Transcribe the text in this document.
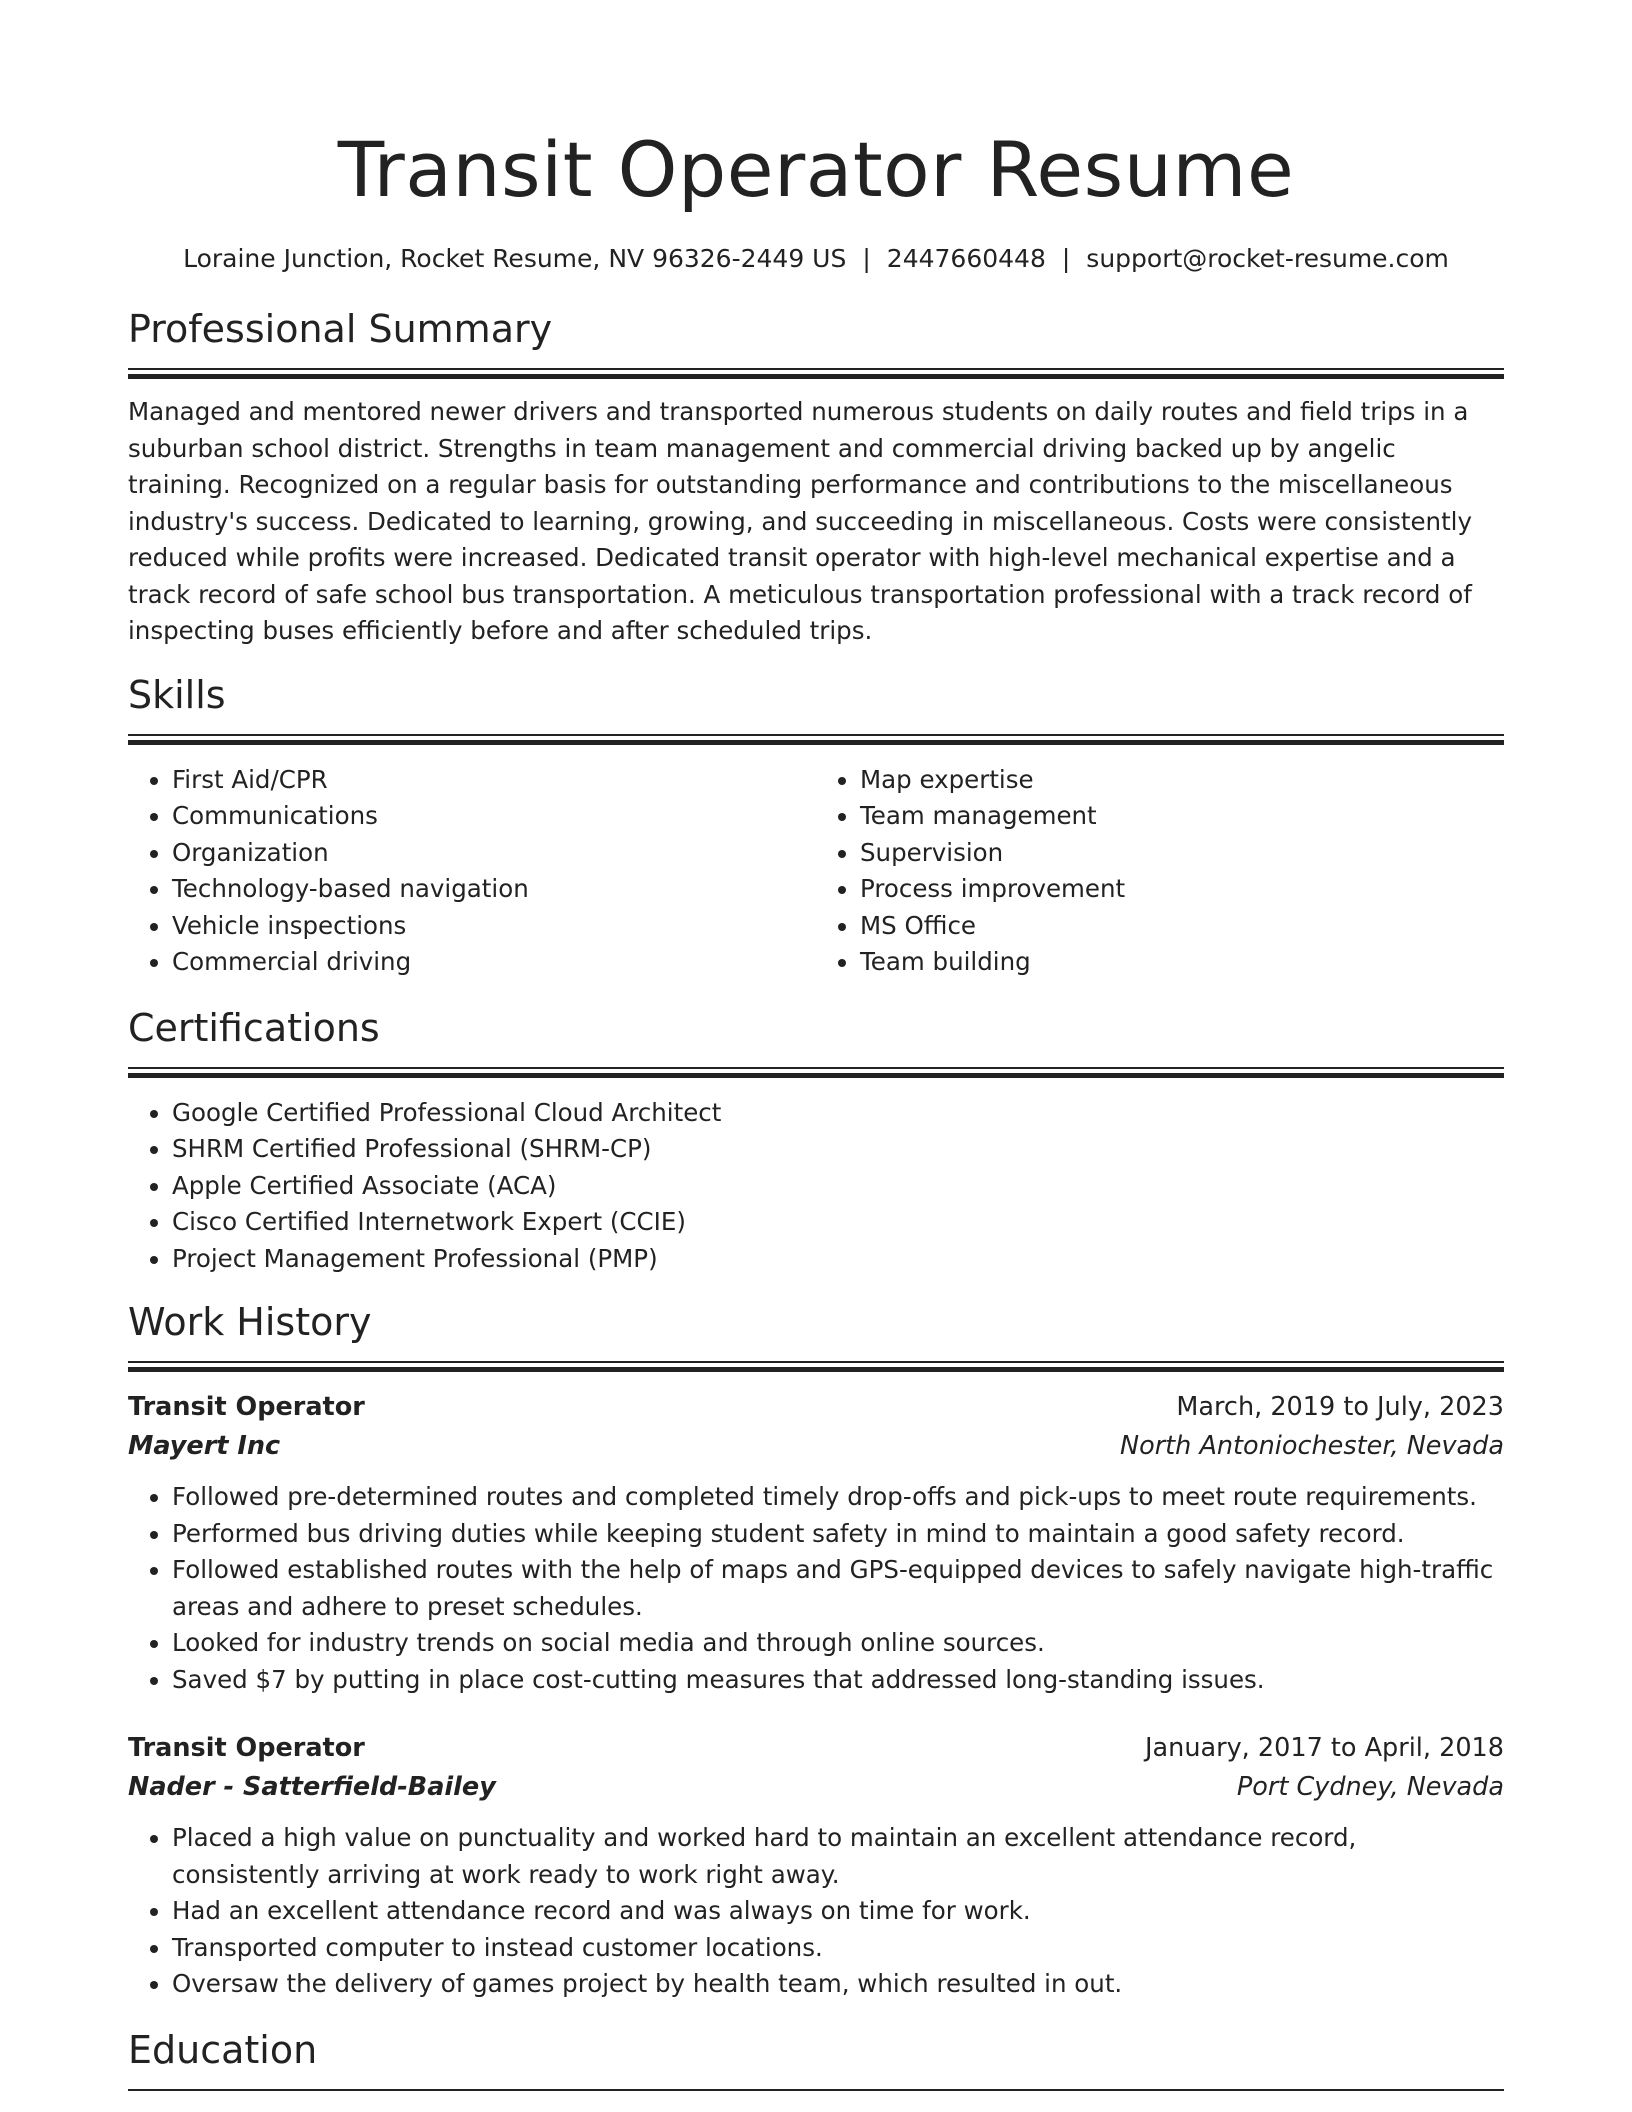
Transit Operator Resume
Loraine Junction, Rocket Resume, NV 96326-2449 US | 2447660448 | support@rocket-resume.com
Professional Summary
Managed and mentored newer drivers and transported numerous students on daily routes and field trips in a suburban school district. Strengths in team management and commercial driving backed up by angelic training. Recognized on a regular basis for outstanding performance and contributions to the miscellaneous industry's success. Dedicated to learning, growing, and succeeding in miscellaneous. Costs were consistently reduced while profits were increased. Dedicated transit operator with high-level mechanical expertise and a track record of safe school bus transportation. A meticulous transportation professional with a track record of inspecting buses efficiently before and after scheduled trips.
Skills
• First Aid/CPR
• Communications
• Organization
• Technology-based navigation
• Vehicle inspections
• Commercial driving
• Map expertise
• Team management
• Supervision
• Process improvement
• MS Office
• Team building
Certifications
• Google Certified Professional Cloud Architect
• SHRM Certified Professional (SHRM-CP)
• Apple Certified Associate (ACA)
• Cisco Certified Internetwork Expert (CCIE)
• Project Management Professional (PMP)
Work History
Transit Operator	March, 2019 to July, 2023
Mayert Inc	North Antoniochester, Nevada
• Followed pre-determined routes and completed timely drop-offs and pick-ups to meet route requirements.
• Performed bus driving duties while keeping student safety in mind to maintain a good safety record.
• Followed established routes with the help of maps and GPS-equipped devices to safely navigate high-traffic areas and adhere to preset schedules.
• Looked for industry trends on social media and through online sources.
• Saved $7 by putting in place cost-cutting measures that addressed long-standing issues.
Transit Operator	January, 2017 to April, 2018
Nader - Satterfield-Bailey	Port Cydney, Nevada
• Placed a high value on punctuality and worked hard to maintain an excellent attendance record, consistently arriving at work ready to work right away.
• Had an excellent attendance record and was always on time for work.
• Transported computer to instead customer locations.
• Oversaw the delivery of games project by health team, which resulted in out.
Education
